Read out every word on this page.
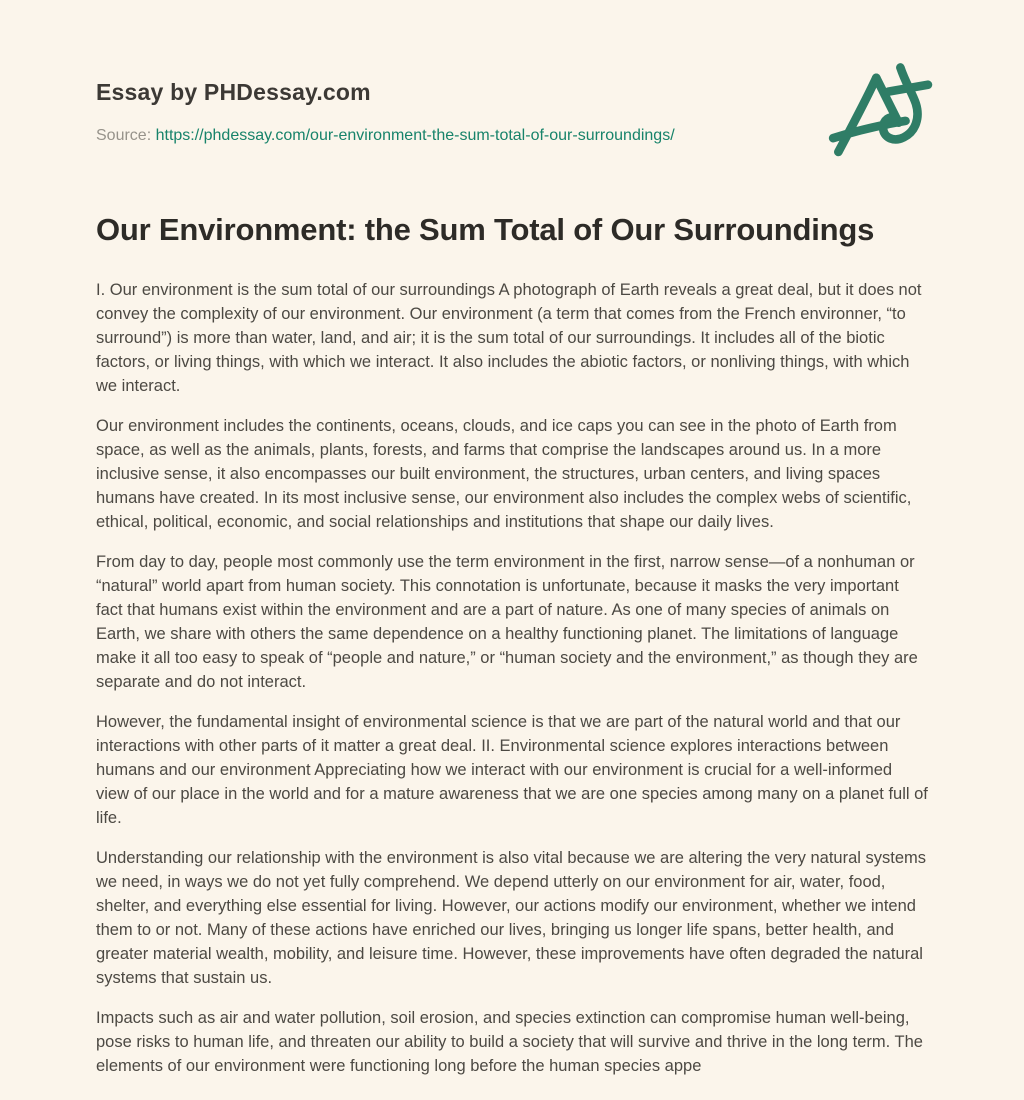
Essay by PHDessay.com

Source: https://phdessay.com/our-environment-the-sum-total-of-our-surroundings/

Our Environment: the Sum Total of Our Surroundings

I. Our environment is the sum total of our surroundings A photograph of Earth reveals a great deal, but it does not convey the complexity of our environment. Our environment (a term that comes from the French environner, “to surround”) is more than water, land, and air; it is the sum total of our surroundings. It includes all of the biotic factors, or living things, with which we interact. It also includes the abiotic factors, or nonliving things, with which we interact.

Our environment includes the continents, oceans, clouds, and ice caps you can see in the photo of Earth from space, as well as the animals, plants, forests, and farms that comprise the landscapes around us. In a more inclusive sense, it also encompasses our built environment, the structures, urban centers, and living spaces humans have created. In its most inclusive sense, our environment also includes the complex webs of scientific, ethical, political, economic, and social relationships and institutions that shape our daily lives.

From day to day, people most commonly use the term environment in the first, narrow sense—of a nonhuman or “natural” world apart from human society. This connotation is unfortunate, because it masks the very important fact that humans exist within the environment and are a part of nature. As one of many species of animals on Earth, we share with others the same dependence on a healthy functioning planet. The limitations of language make it all too easy to speak of “people and nature,” or “human society and the environment,” as though they are separate and do not interact.

However, the fundamental insight of environmental science is that we are part of the natural world and that our interactions with other parts of it matter a great deal. II. Environmental science explores interactions between humans and our environment Appreciating how we interact with our environment is crucial for a well-informed view of our place in the world and for a mature awareness that we are one species among many on a planet full of life.

Understanding our relationship with the environment is also vital because we are altering the very natural systems we need, in ways we do not yet fully comprehend. We depend utterly on our environment for air, water, food, shelter, and everything else essential for living. However, our actions modify our environment, whether we intend them to or not. Many of these actions have enriched our lives, bringing us longer life spans, better health, and greater material wealth, mobility, and leisure time. However, these improvements have often degraded the natural systems that sustain us.

Impacts such as air and water pollution, soil erosion, and species extinction can compromise human well-being, pose risks to human life, and threaten our ability to build a society that will survive and thrive in the long term. The elements of our environment were functioning long before the human species appe
